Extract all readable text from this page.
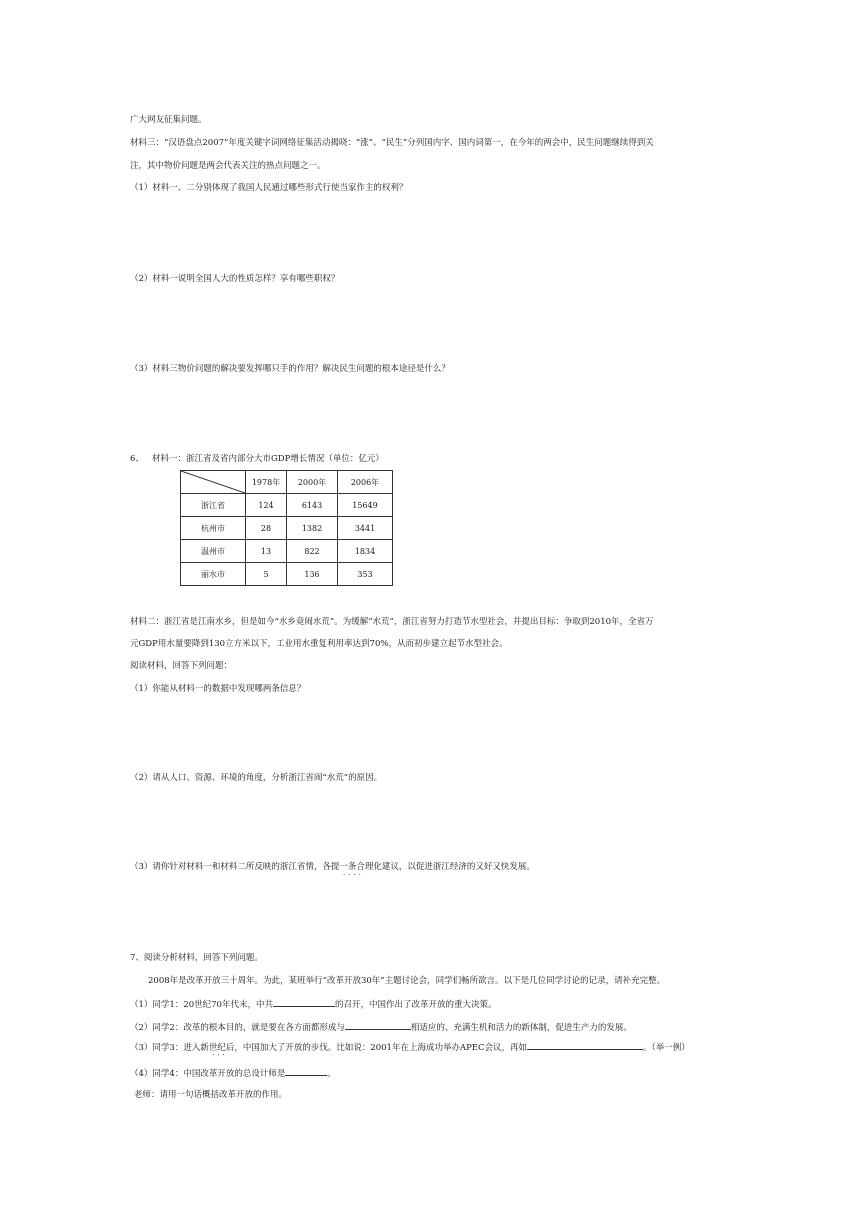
广大网友征集问题。
材料三：“汉语盘点2007”年度关键字词网络征集活动揭晓：“涨”、“民生”分列国内字、国内词第一，在今年的两会中，民生问题继续得到关
注，其中物价问题是两会代表关注的热点问题之一。
（1）材料一、二分别体现了我国人民通过哪些形式行使当家作主的权利？
（2）材料一说明全国人大的性质怎样？享有哪些职权？
（3）材料三物价问题的解决要发挥哪只手的作用？解决民生问题的根本途径是什么？
6、 材料一：浙江省及省内部分大市GDP增长情况（单位：亿元）
	1978年	2000年	2006年
浙江省	124	6143	15649
杭州市	28	1382	3441
温州市	13	822	1834
丽水市	5	136	353
材料二：浙江省是江南水乡，但是如今“水乡竟闹水荒”。为缓解“水荒”，浙江省努力打造节水型社会，并提出目标：争取到2010年，全省万
元GDP用水量要降到130立方米以下，工业用水重复利用率达到70%，从而初步建立起节水型社会。
阅读材料，回答下列问题：
（1）你能从材料一的数据中发现哪两条信息？
（2）请从人口、资源、环境的角度，分析浙江省闹“水荒”的原因。
（3）请你针对材料一和材料二所反映的浙江省情，各提一条合理化建议，以促进浙江经济的又好又快发展。
····
7、阅读分析材料，回答下列问题。
2008年是改革开放三十周年。为此，某班举行“改革开放30年”主题讨论会，同学们畅所欲言。以下是几位同学讨论的记录，请补充完整。
（1）同学1：20世纪70年代末，中共	的召开，中国作出了改革开放的重大决策。
（2）同学2：改革的根本目的，就是要在各方面都形成与	相适应的、充满生机和活力的新体制，促进生产力的发展。
（3）同学3：进入新世纪后，中国加大了开放的步伐。比如说：2001年在上海成功举办APEC会议，再如	。（举一例）
···
（4）同学4：中国改革开放的总设计师是	。
老师：请用一句话概括改革开放的作用。
